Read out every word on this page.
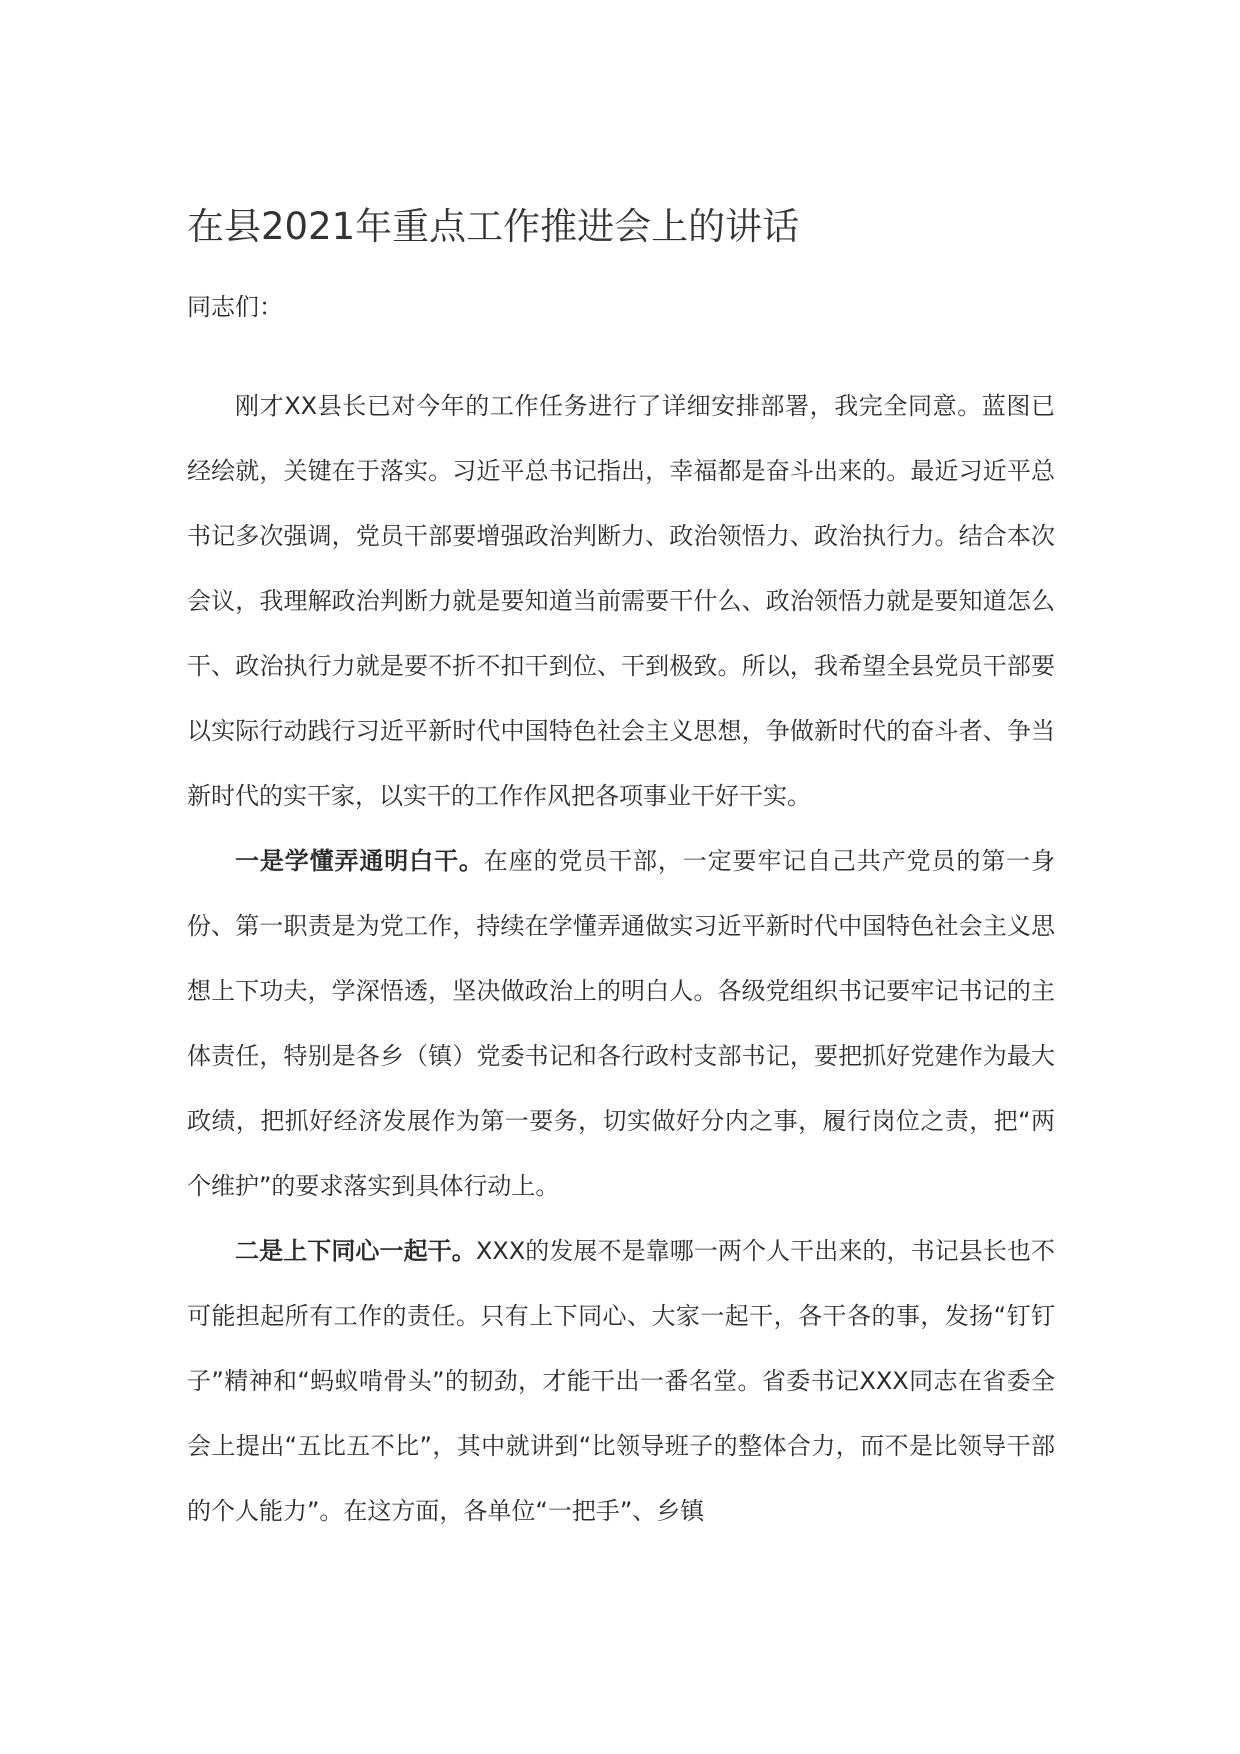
在县2021年重点工作推进会上的讲话

同志们：

刚才XX县长已对今年的工作任务进行了详细安排部署，我完全同意。蓝图已经绘就，关键在于落实。习近平总书记指出，幸福都是奋斗出来的。最近习近平总书记多次强调，党员干部要增强政治判断力、政治领悟力、政治执行力。结合本次会议，我理解政治判断力就是要知道当前需要干什么、政治领悟力就是要知道怎么干、政治执行力就是要不折不扣干到位、干到极致。所以，我希望全县党员干部要以实际行动践行习近平新时代中国特色社会主义思想，争做新时代的奋斗者、争当新时代的实干家，以实干的工作作风把各项事业干好干实。

一是学懂弄通明白干。在座的党员干部，一定要牢记自己共产党员的第一身份、第一职责是为党工作，持续在学懂弄通做实习近平新时代中国特色社会主义思想上下功夫，学深悟透，坚决做政治上的明白人。各级党组织书记要牢记书记的主体责任，特别是各乡（镇）党委书记和各行政村支部书记，要把抓好党建作为最大政绩，把抓好经济发展作为第一要务，切实做好分内之事，履行岗位之责，把“两个维护”的要求落实到具体行动上。

二是上下同心一起干。XXX的发展不是靠哪一两个人干出来的，书记县长也不可能担起所有工作的责任。只有上下同心、大家一起干，各干各的事，发扬“钉钉子”精神和“蚂蚁啃骨头”的韧劲，才能干出一番名堂。省委书记XXX同志在省委全会上提出“五比五不比”，其中就讲到“比领导班子的整体合力，而不是比领导干部的个人能力”。在这方面，各单位“一把手”、乡镇
